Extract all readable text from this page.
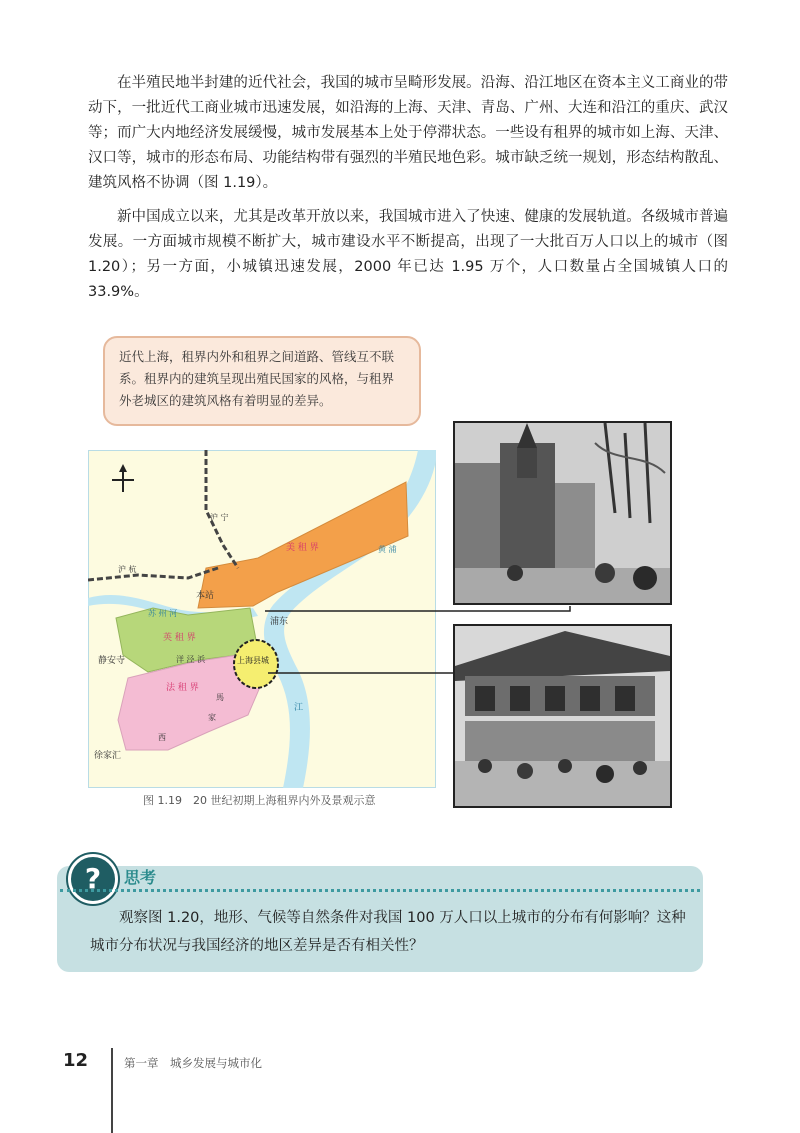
在半殖民地半封建的近代社会，我国的城市呈畸形发展。沿海、沿江地区在资本主义工商业的带动下，一批近代工商业城市迅速发展，如沿海的上海、天津、青岛、广州、大连和沿江的重庆、武汉等；而广大内地经济发展缓慢，城市发展基本上处于停滞状态。一些设有租界的城市如上海、天津、汉口等，城市的形态布局、功能结构带有强烈的半殖民地色彩。城市缺乏统一规划，形态结构散乱、建筑风格不协调（图 1.19）。

新中国成立以来，尤其是改革开放以来，我国城市进入了快速、健康的发展轨道。各级城市普遍发展。一方面城市规模不断扩大，城市建设水平不断提高，出现了一大批百万人口以上的城市（图 1.20）；另一方面，小城镇迅速发展，2000 年已达 1.95 万个，人口数量占全国城镇人口的 33.9%。

近代上海，租界内外和租界之间道路、管线互不联系。租界内的建筑呈现出殖民国家的风格，与租界外老城区的建筑风格有着明显的差异。
本站
浦东
静安寺
徐家汇
上海县城
英 租 界
法 租 界
美 租 界
苏 州 河
江
黄 浦
沪 宁
沪 杭
洋 泾 浜
馬
家
西
图 1.19　20 世纪初期上海租界内外及景观示意
?	思考

观察图 1.20，地形、气候等自然条件对我国 100 万人口以上城市的分布有何影响？这种城市分布状况与我国经济的地区差异是否有相关性？

12	第一章　城乡发展与城市化
